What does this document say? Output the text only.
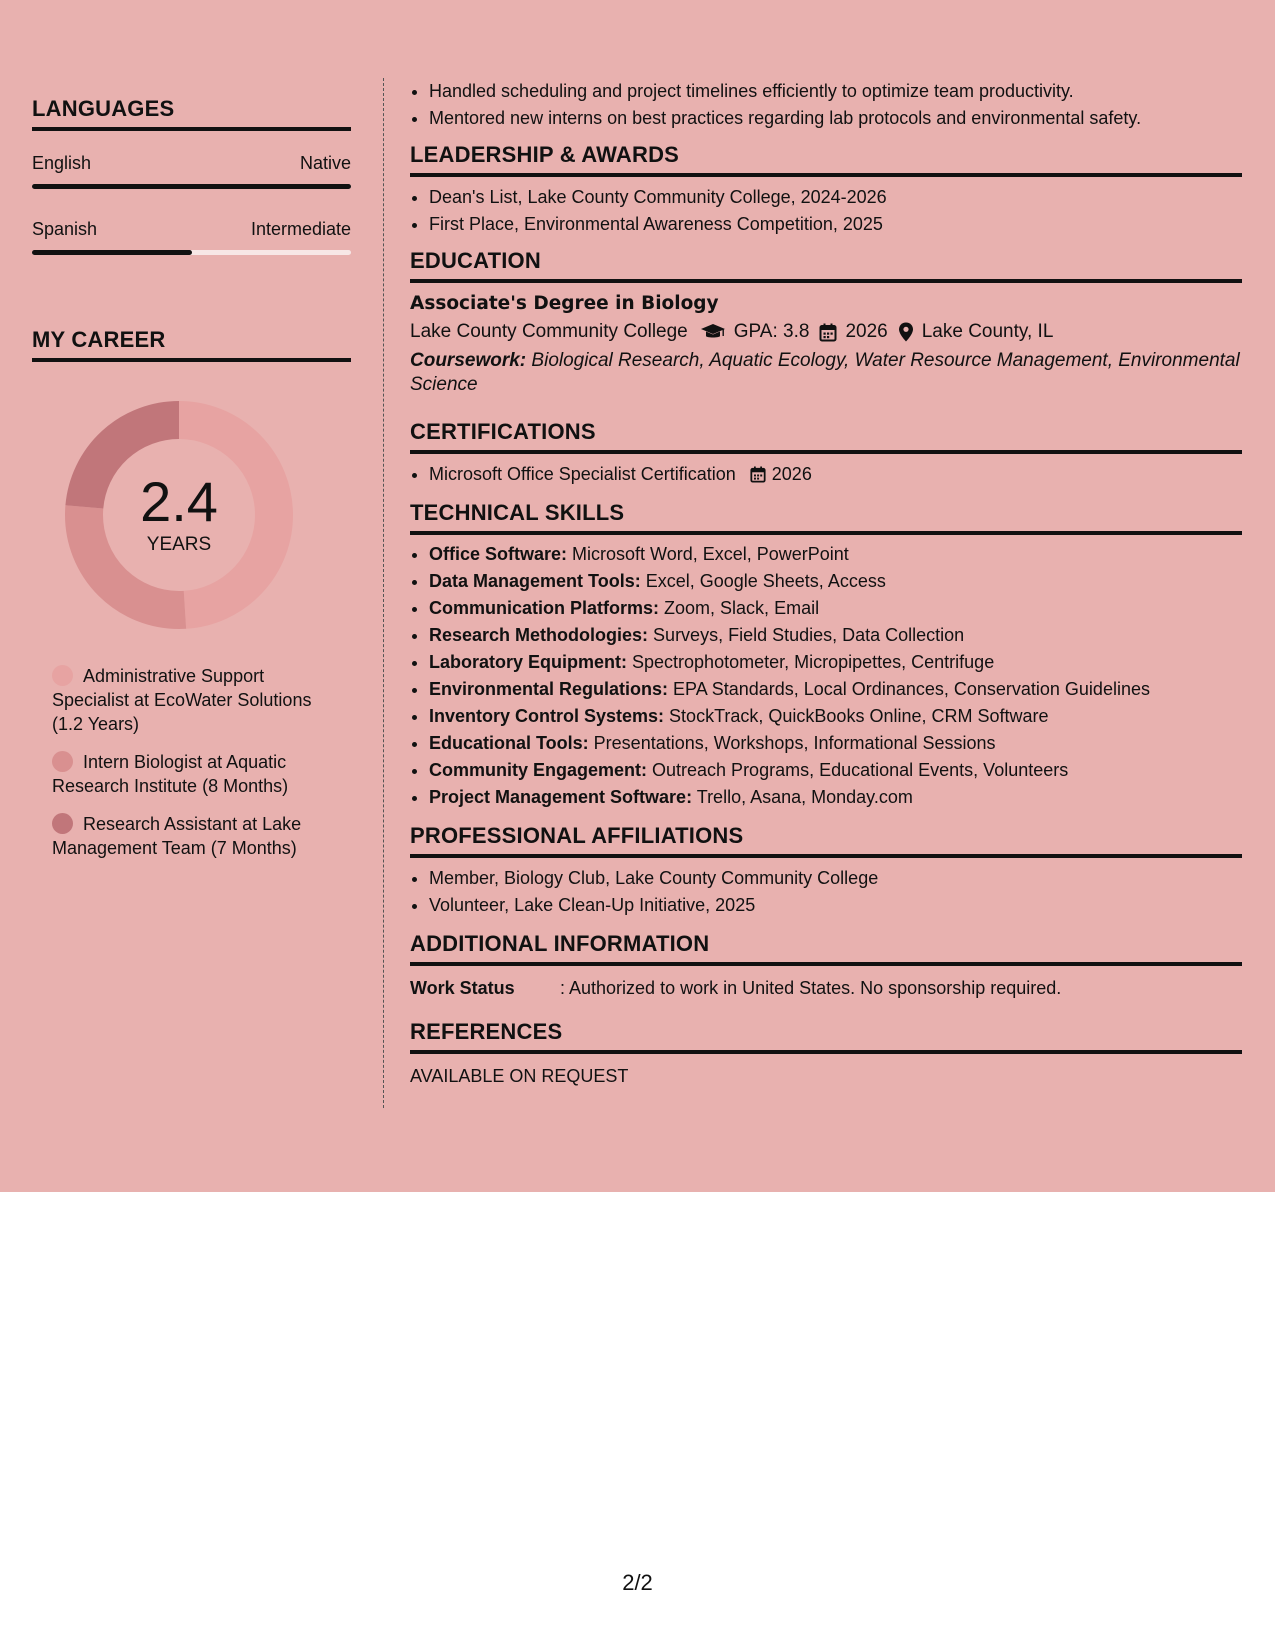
LANGUAGES
English	Native
Spanish	Intermediate
MY CAREER
2.4
YEARS
Administrative Support Specialist at EcoWater Solutions (1.2 Years)
Intern Biologist at Aquatic Research Institute (8 Months)
Research Assistant at Lake Management Team (7 Months)
• Handled scheduling and project timelines efficiently to optimize team productivity.
• Mentored new interns on best practices regarding lab protocols and environmental safety.
LEADERSHIP & AWARDS
• Dean's List, Lake County Community College, 2024-2026
• First Place, Environmental Awareness Competition, 2025
EDUCATION
Associate's Degree in Biology
Lake County Community College GPA: 3.8 2026 Lake County, IL
Coursework: Biological Research, Aquatic Ecology, Water Resource Management, Environmental Science
CERTIFICATIONS
• Microsoft Office Specialist Certification 2026
TECHNICAL SKILLS
• Office Software: Microsoft Word, Excel, PowerPoint
• Data Management Tools: Excel, Google Sheets, Access
• Communication Platforms: Zoom, Slack, Email
• Research Methodologies: Surveys, Field Studies, Data Collection
• Laboratory Equipment: Spectrophotometer, Micropipettes, Centrifuge
• Environmental Regulations: EPA Standards, Local Ordinances, Conservation Guidelines
• Inventory Control Systems: StockTrack, QuickBooks Online, CRM Software
• Educational Tools: Presentations, Workshops, Informational Sessions
• Community Engagement: Outreach Programs, Educational Events, Volunteers
• Project Management Software: Trello, Asana, Monday.com
PROFESSIONAL AFFILIATIONS
• Member, Biology Club, Lake County Community College
• Volunteer, Lake Clean-Up Initiative, 2025
ADDITIONAL INFORMATION
Work Status	: Authorized to work in United States. No sponsorship required.
REFERENCES
AVAILABLE ON REQUEST
2/2
